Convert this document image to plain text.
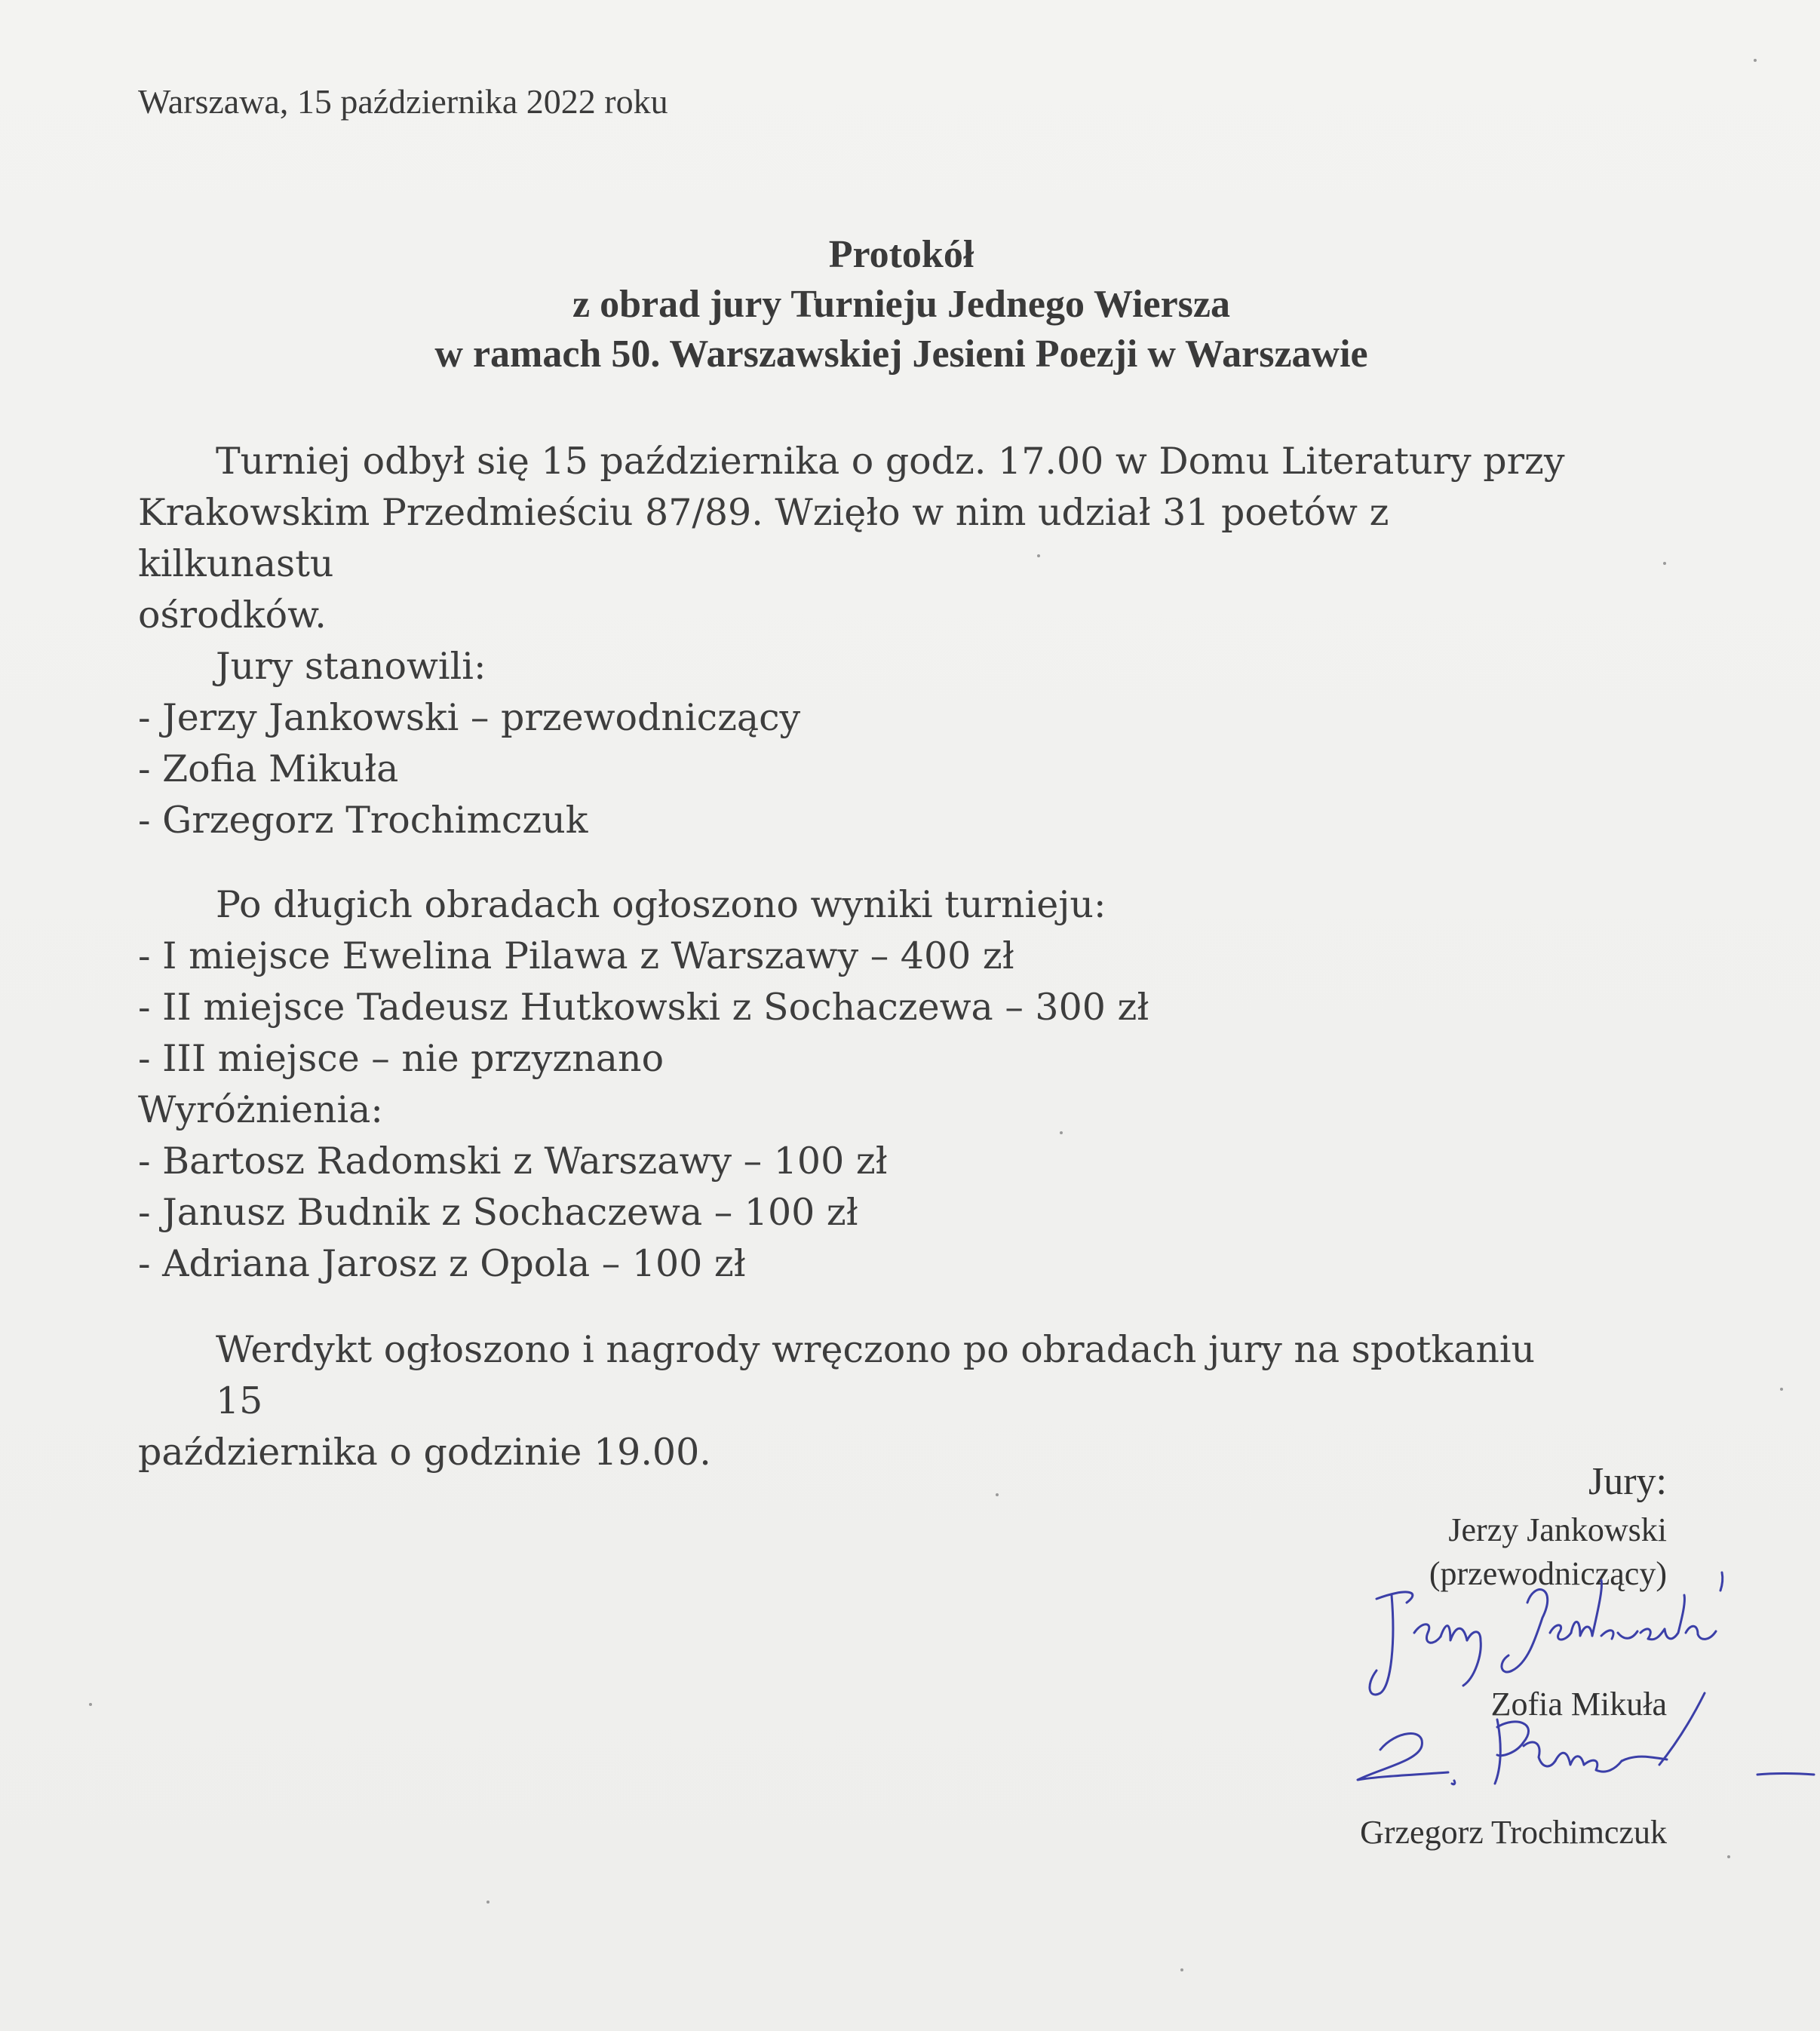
Warszawa, 15 października 2022 roku
Protokół
z obrad jury Turnieju Jednego Wiersza
w ramach 50. Warszawskiej Jesieni Poezji w Warszawie

Turniej odbył się 15 października o godz. 17.00 w Domu Literatury przy

Krakowskim Przedmieściu 87/89. Wzięło w nim udział 31 poetów z kilkunastu

ośrodków.

Jury stanowili:

- Jerzy Jankowski – przewodniczący

- Zofia Mikuła

- Grzegorz Trochimczuk

Po długich obradach ogłoszono wyniki turnieju:

- I miejsce Ewelina Pilawa z Warszawy – 400 zł

- II miejsce Tadeusz Hutkowski z Sochaczewa – 300 zł

- III miejsce – nie przyznano

Wyróżnienia:

- Bartosz Radomski z Warszawy – 100 zł

- Janusz Budnik z Sochaczewa – 100 zł

- Adriana Jarosz z Opola – 100 zł

Werdykt ogłoszono i nagrody wręczono po obradach jury na spotkaniu 15

października o godzinie 19.00.

Jury:
Jerzy Jankowski
(przewodniczący)
Zofia Mikuła
Grzegorz Trochimczuk
